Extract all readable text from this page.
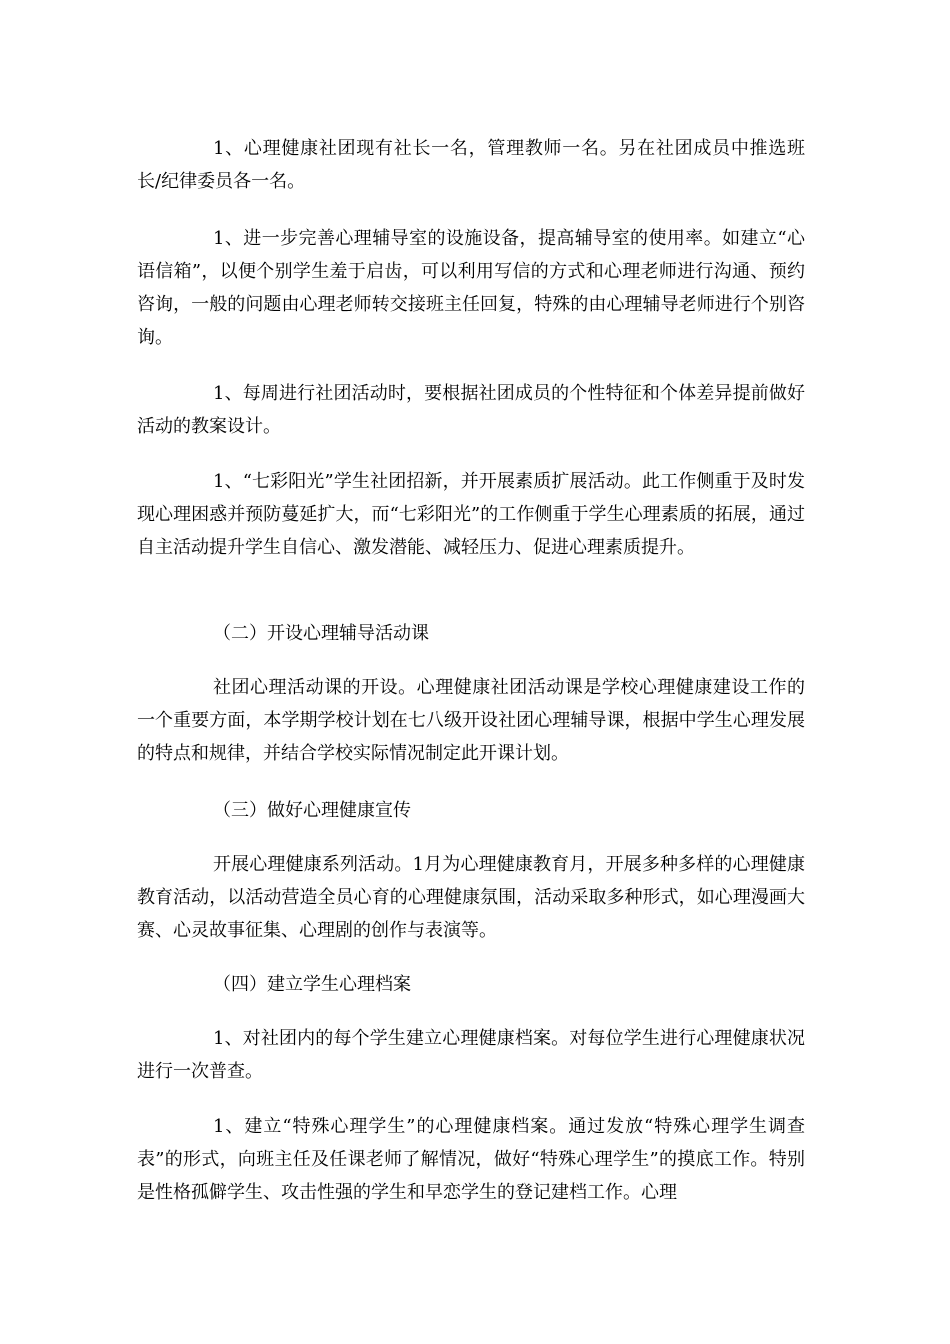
1、心理健康社团现有社长一名，管理教师一名。另在社团成员中推选班长/纪律委员各一名。

1、进一步完善心理辅导室的设施设备，提高辅导室的使用率。如建立“心语信箱”，以便个别学生羞于启齿，可以利用写信的方式和心理老师进行沟通、预约咨询，一般的问题由心理老师转交接班主任回复，特殊的由心理辅导老师进行个别咨询。

1、每周进行社团活动时，要根据社团成员的个性特征和个体差异提前做好活动的教案设计。

1、“七彩阳光”学生社团招新，并开展素质扩展活动。此工作侧重于及时发现心理困惑并预防蔓延扩大，而“七彩阳光”的工作侧重于学生心理素质的拓展，通过自主活动提升学生自信心、激发潜能、减轻压力、促进心理素质提升。

（二）开设心理辅导活动课

社团心理活动课的开设。心理健康社团活动课是学校心理健康建设工作的一个重要方面，本学期学校计划在七八级开设社团心理辅导课，根据中学生心理发展的特点和规律，并结合学校实际情况制定此开课计划。

（三）做好心理健康宣传

开展心理健康系列活动。1月为心理健康教育月，开展多种多样的心理健康教育活动，以活动营造全员心育的心理健康氛围，活动采取多种形式，如心理漫画大赛、心灵故事征集、心理剧的创作与表演等。

（四）建立学生心理档案

1、对社团内的每个学生建立心理健康档案。对每位学生进行心理健康状况进行一次普查。

1、建立“特殊心理学生”的心理健康档案。通过发放“特殊心理学生调查表”的形式，向班主任及任课老师了解情况，做好“特殊心理学生”的摸底工作。特别是性格孤僻学生、攻击性强的学生和早恋学生的登记建档工作。心理
